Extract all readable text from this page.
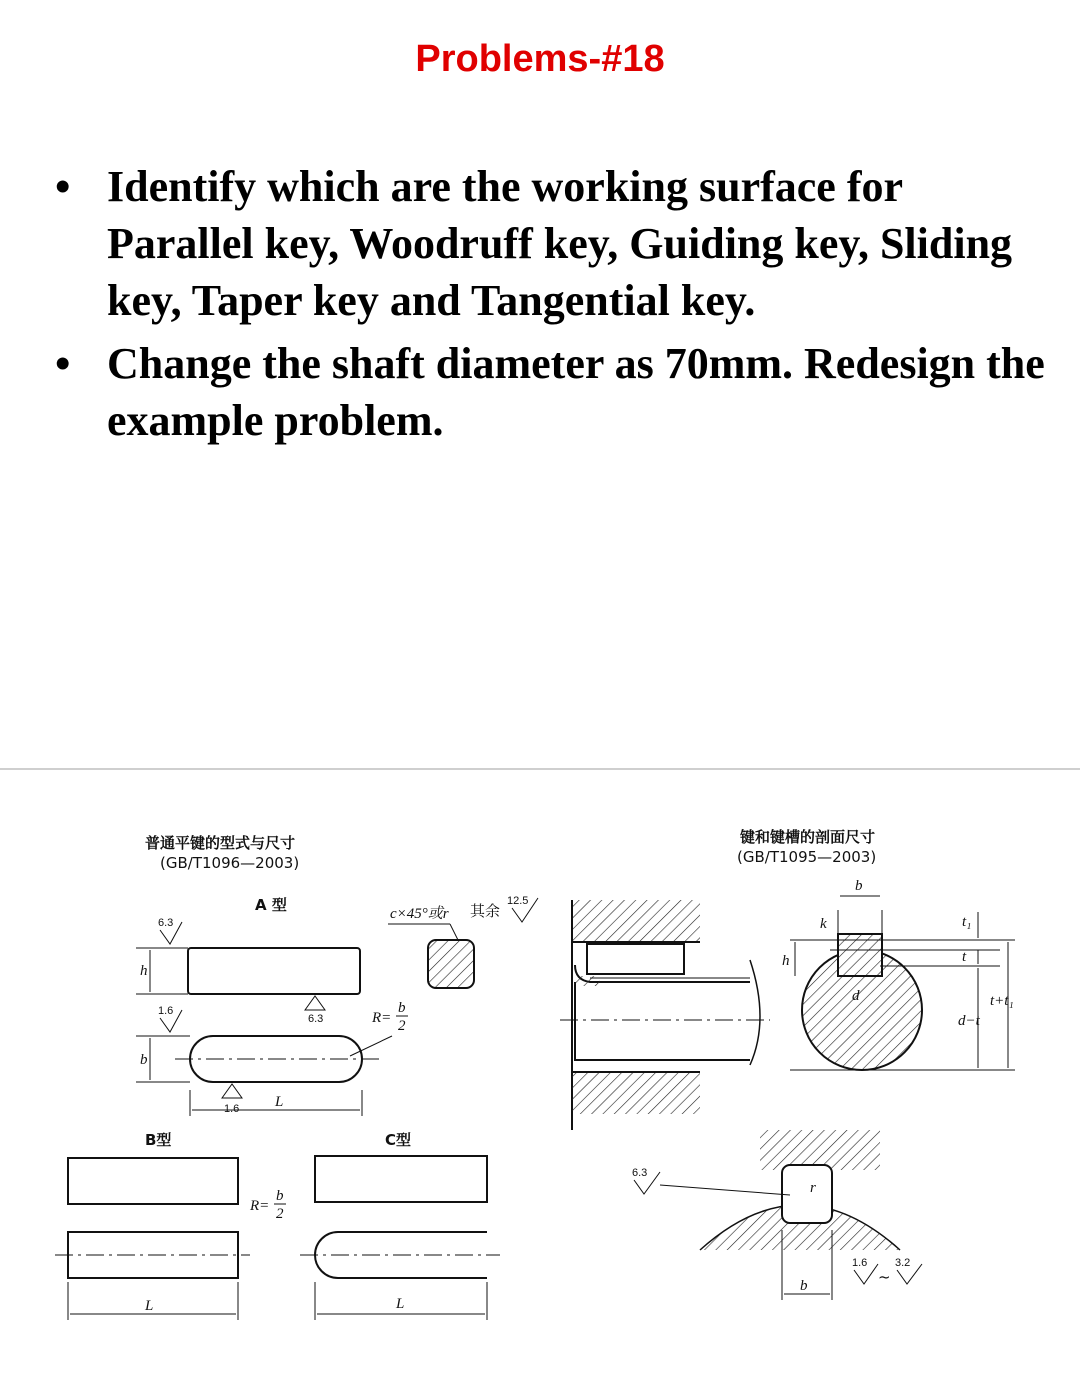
Problems-#18
• Identify which are the working surface for Parallel key, Woodruff key, Guiding key, Sliding key, Taper key and Tangential key.
• Change the shaft diameter as 70mm. Redesign the example problem.
普通平键的型式与尺寸
(GB/T1096—2003)
A 型
h
6.3
1.6
6.3
b
L
1.6
R=
b
2
c×45°或r 其余
12.5
B型
L
R=
b
2
C型
L
键和键槽的剖面尺寸
(GB/T1095—2003)
b
h
t₁
t
d−t
t+t₁
k
d
r
b
6.3
1.6
~
3.2
